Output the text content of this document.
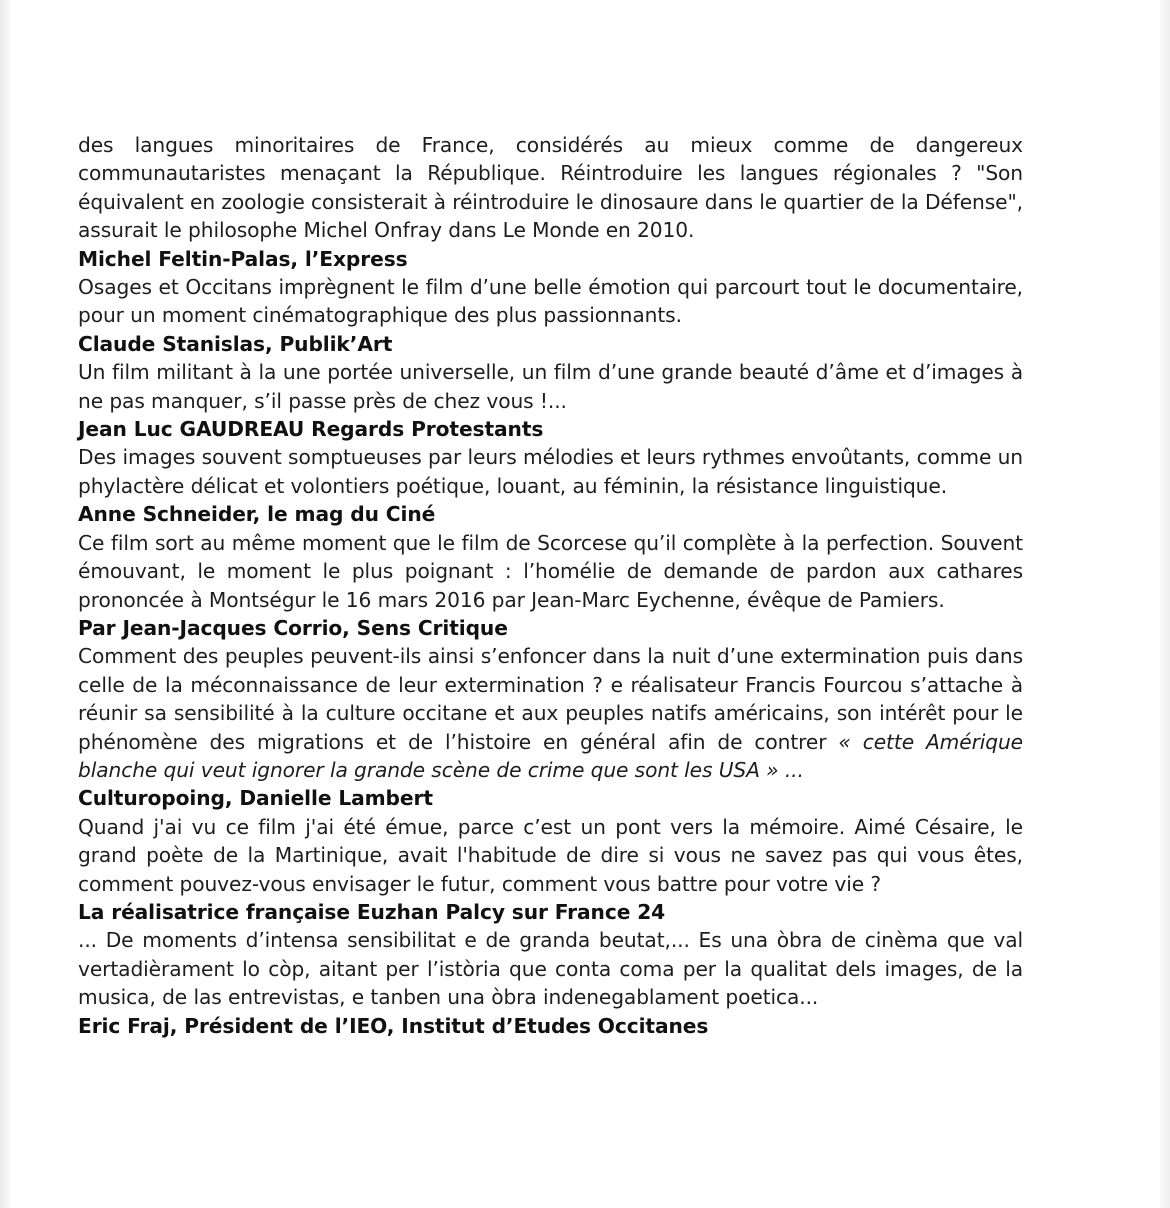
des langues minoritaires de France, considérés au mieux comme de dangereux communautaristes menaçant la République. Réintroduire les langues régionales ? "Son équivalent en zoologie consisterait à réintroduire le dinosaure dans le quartier de la Défense", assurait le philosophe Michel Onfray dans Le Monde en 2010.

Michel Feltin-Palas, l’Express

Osages et Occitans imprègnent le film d’une belle émotion qui parcourt tout le documentaire, pour un moment cinématographique des plus passionnants.

Claude Stanislas, Publik’Art

Un film militant à la une portée universelle, un film d’une grande beauté d’âme et d’images à ne pas manquer, s’il passe près de chez vous !...

Jean Luc GAUDREAU Regards Protestants

Des images souvent somptueuses par leurs mélodies et leurs rythmes envoûtants, comme un phylactère délicat et volontiers poétique, louant, au féminin, la résistance linguistique.

Anne Schneider, le mag du Ciné

Ce film sort au même moment que le film de Scorcese qu’il complète à la perfection. Souvent émouvant, le moment le plus poignant : l’homélie de demande de pardon aux cathares prononcée à Montségur le 16 mars 2016 par Jean-Marc Eychenne, évêque de Pamiers.

Par Jean-Jacques Corrio, Sens Critique

Comment des peuples peuvent-ils ainsi s’enfoncer dans la nuit d’une extermination puis dans celle de la méconnaissance de leur extermination ? e réalisateur Francis Fourcou s’attache à réunir sa sensibilité à la culture occitane et aux peuples natifs américains, son intérêt pour le phénomène des migrations et de l’histoire en général afin de contrer « cette Amérique blanche qui veut ignorer la grande scène de crime que sont les USA » ...

Culturopoing, Danielle Lambert

Quand j'ai vu ce film j'ai été émue, parce c’est un pont vers la mémoire. Aimé Césaire, le grand poète de la Martinique, avait l'habitude de dire si vous ne savez pas qui vous êtes, comment pouvez-vous envisager le futur, comment vous battre pour votre vie ?

La réalisatrice française Euzhan Palcy sur France 24

... De moments d’intensa sensibilitat e de granda beutat,... Es una òbra de cinèma que val vertadièrament lo còp, aitant per l’istòria que conta coma per la qualitat dels images, de la musica, de las entrevistas, e tanben una òbra indenegablament poetica...

Eric Fraj, Président de l’IEO, Institut d’Etudes Occitanes
